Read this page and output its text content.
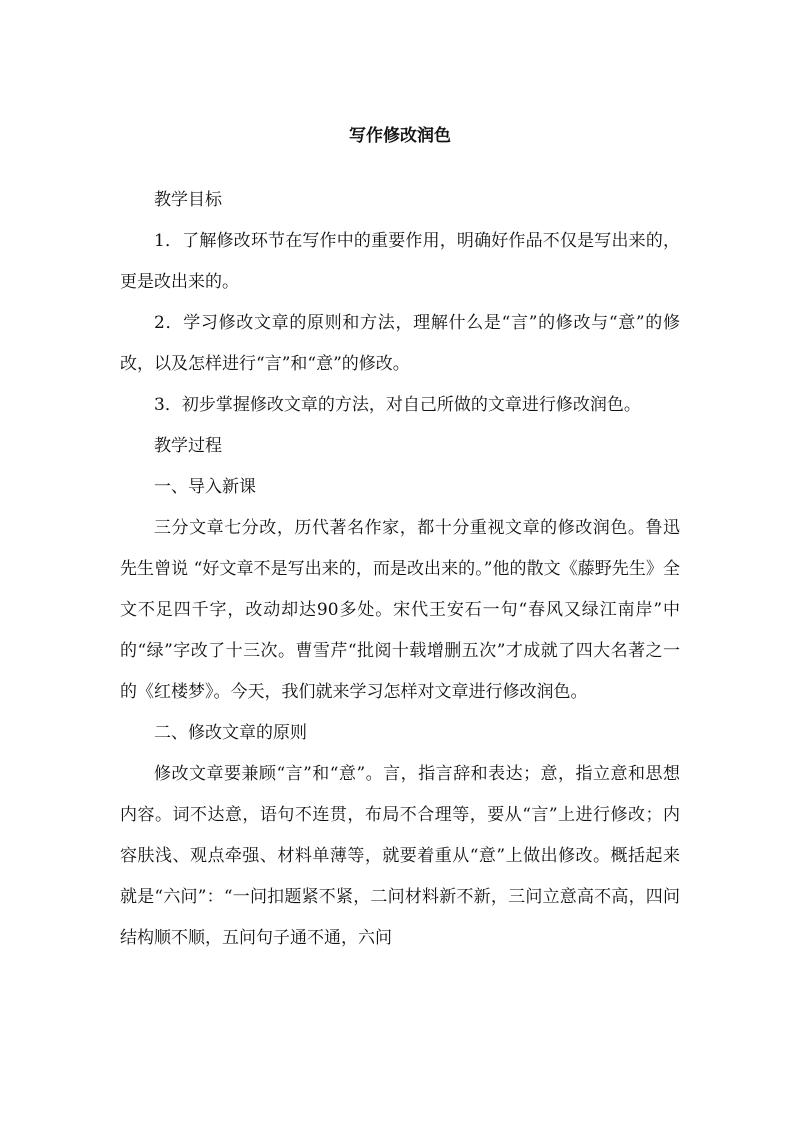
写作修改润色

教学目标

1．了解修改环节在写作中的重要作用，明确好作品不仅是写出来的，更是改出来的。

2．学习修改文章的原则和方法，理解什么是“言”的修改与“意”的修改，以及怎样进行“言”和“意”的修改。

3．初步掌握修改文章的方法，对自己所做的文章进行修改润色。

教学过程

一、导入新课

三分文章七分改，历代著名作家，都十分重视文章的修改润色。鲁迅先生曾说 “好文章不是写出来的，而是改出来的。”他的散文《藤野先生》全文不足四千字，改动却达90多处。宋代王安石一句“春风又绿江南岸”中的“绿”字改了十三次。曹雪芹“批阅十载增删五次”才成就了四大名著之一的《红楼梦》。今天，我们就来学习怎样对文章进行修改润色。

二、修改文章的原则

修改文章要兼顾“言”和“意”。言，指言辞和表达；意，指立意和思想内容。词不达意，语句不连贯，布局不合理等，要从“言”上进行修改；内容肤浅、观点牵强、材料单薄等，就要着重从“意”上做出修改。概括起来就是“六问”：“一问扣题紧不紧，二问材料新不新，三问立意高不高，四问结构顺不顺，五问句子通不通，六问
